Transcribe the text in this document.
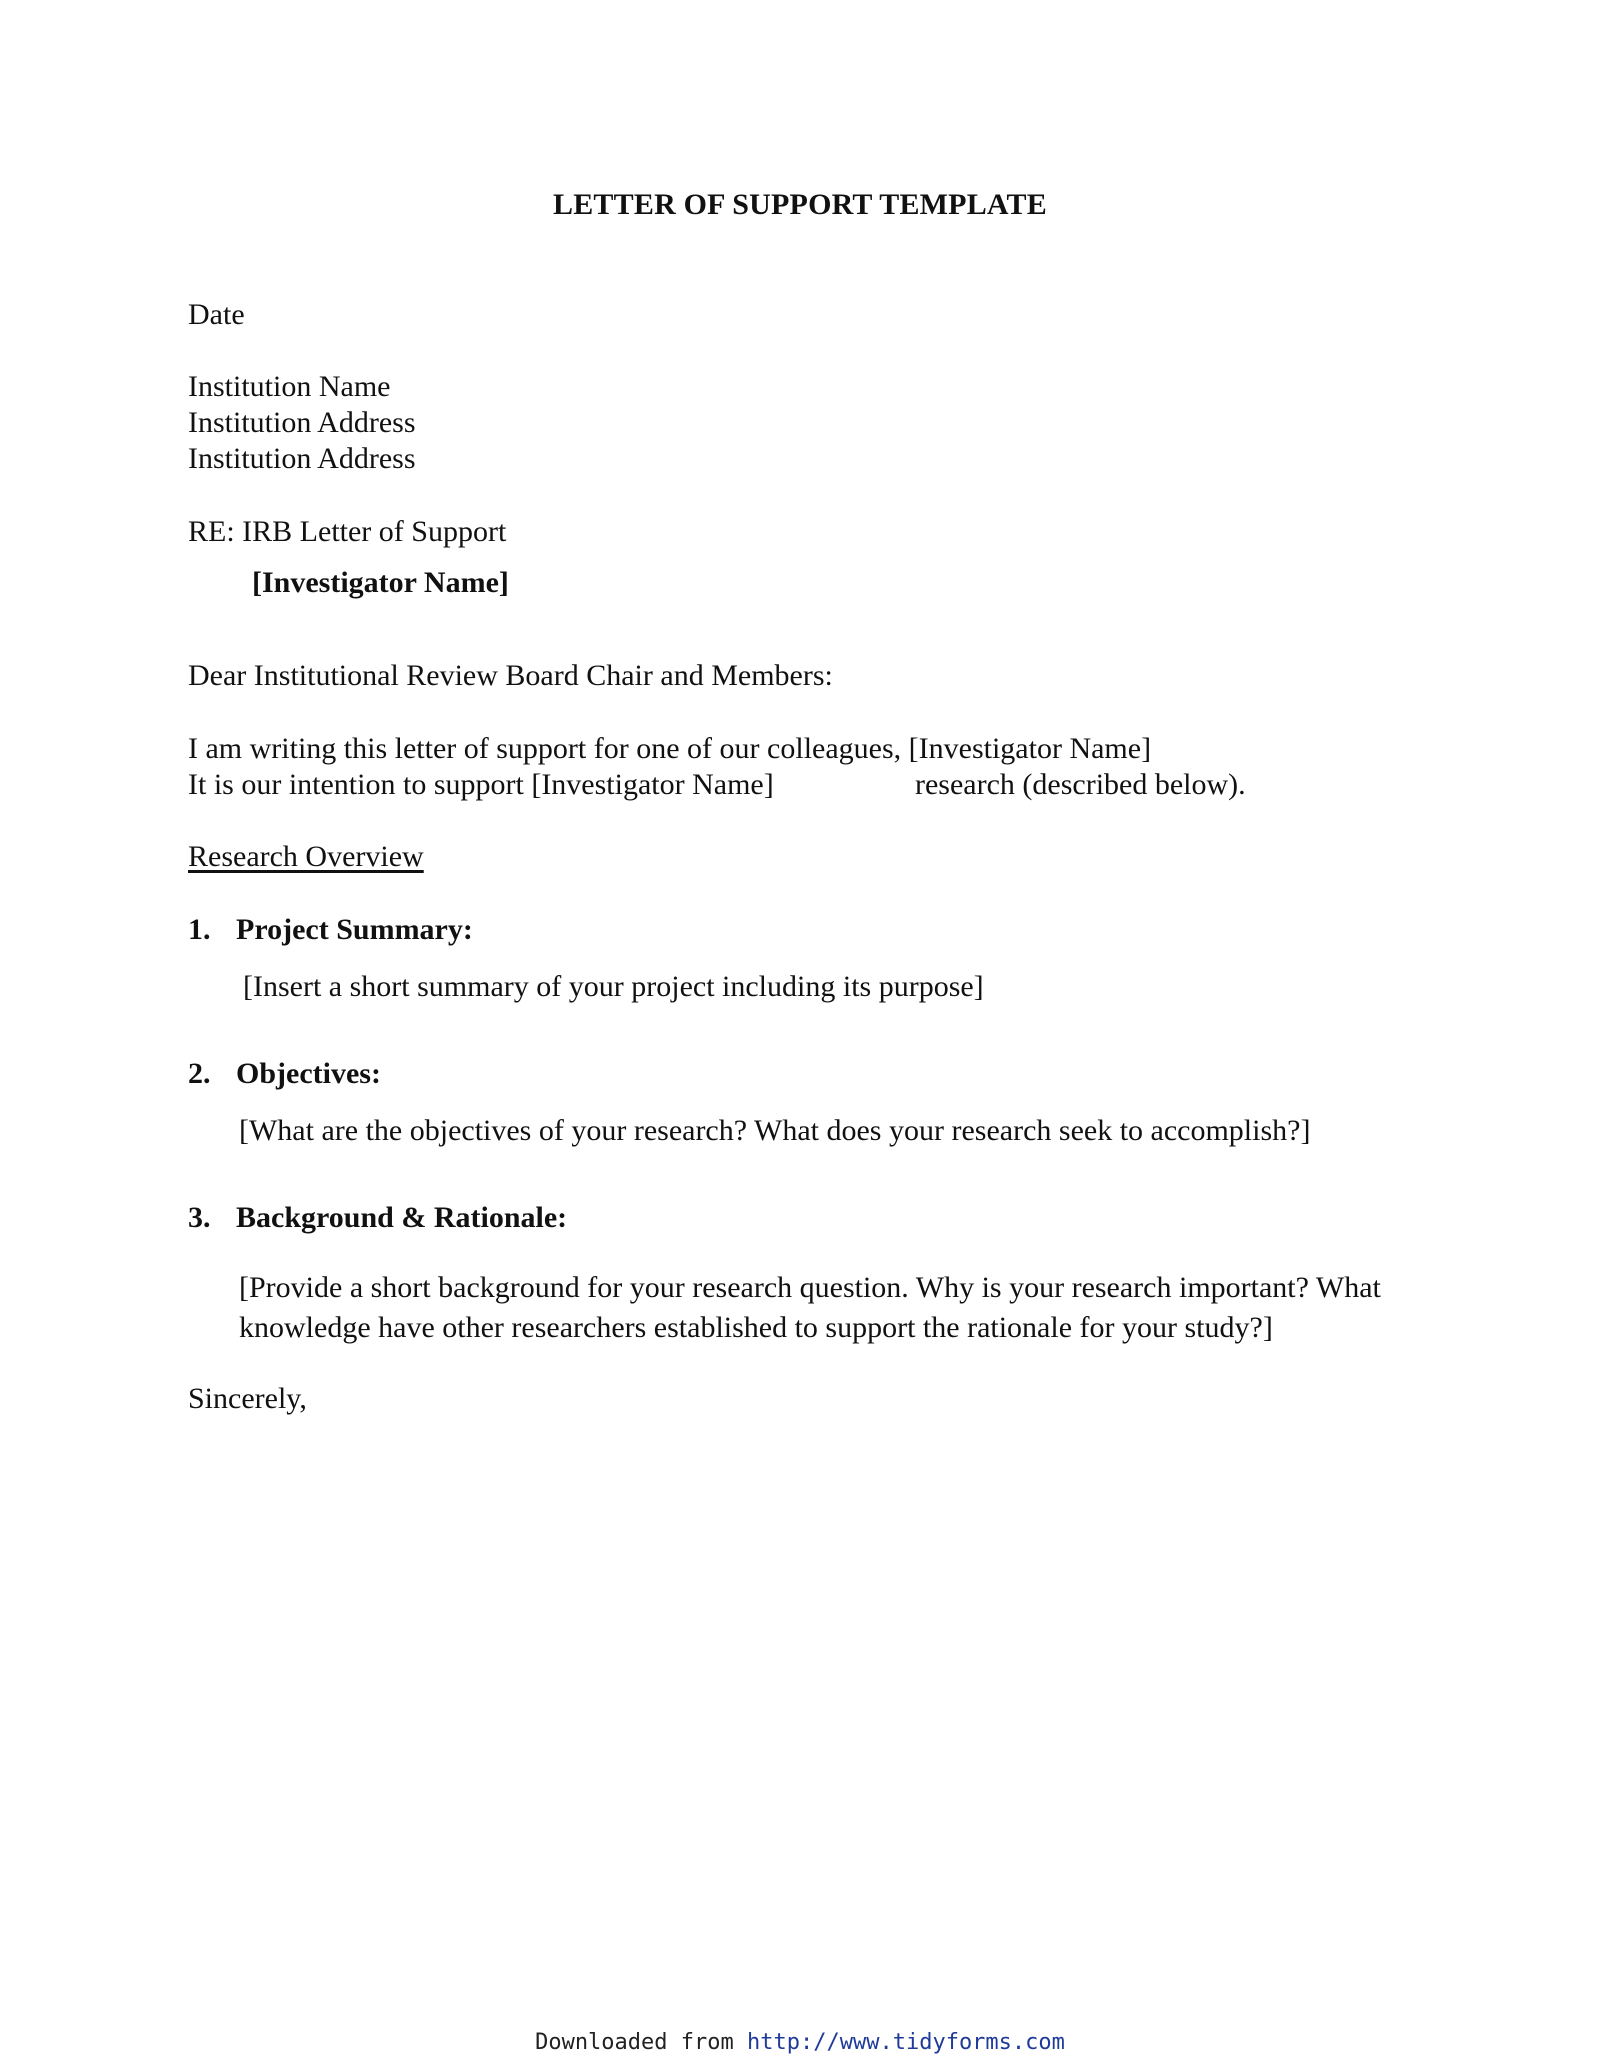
LETTER OF SUPPORT TEMPLATE
Date
Institution Name
Institution Address
Institution Address
RE: IRB Letter of Support
[Investigator Name]
Dear Institutional Review Board Chair and Members:
I am writing this letter of support for one of our colleagues, [Investigator Name]
It is our intention to support [Investigator Name]	research (described below).
Research Overview
1. Project Summary:
[Insert a short summary of your project including its purpose]
2. Objectives:
[What are the objectives of your research? What does your research seek to accomplish?]
3. Background & Rationale:
[Provide a short background for your research question. Why is your research important? What knowledge have other researchers established to support the rationale for your study?]
Sincerely,
Downloaded from http://www.tidyforms.com
